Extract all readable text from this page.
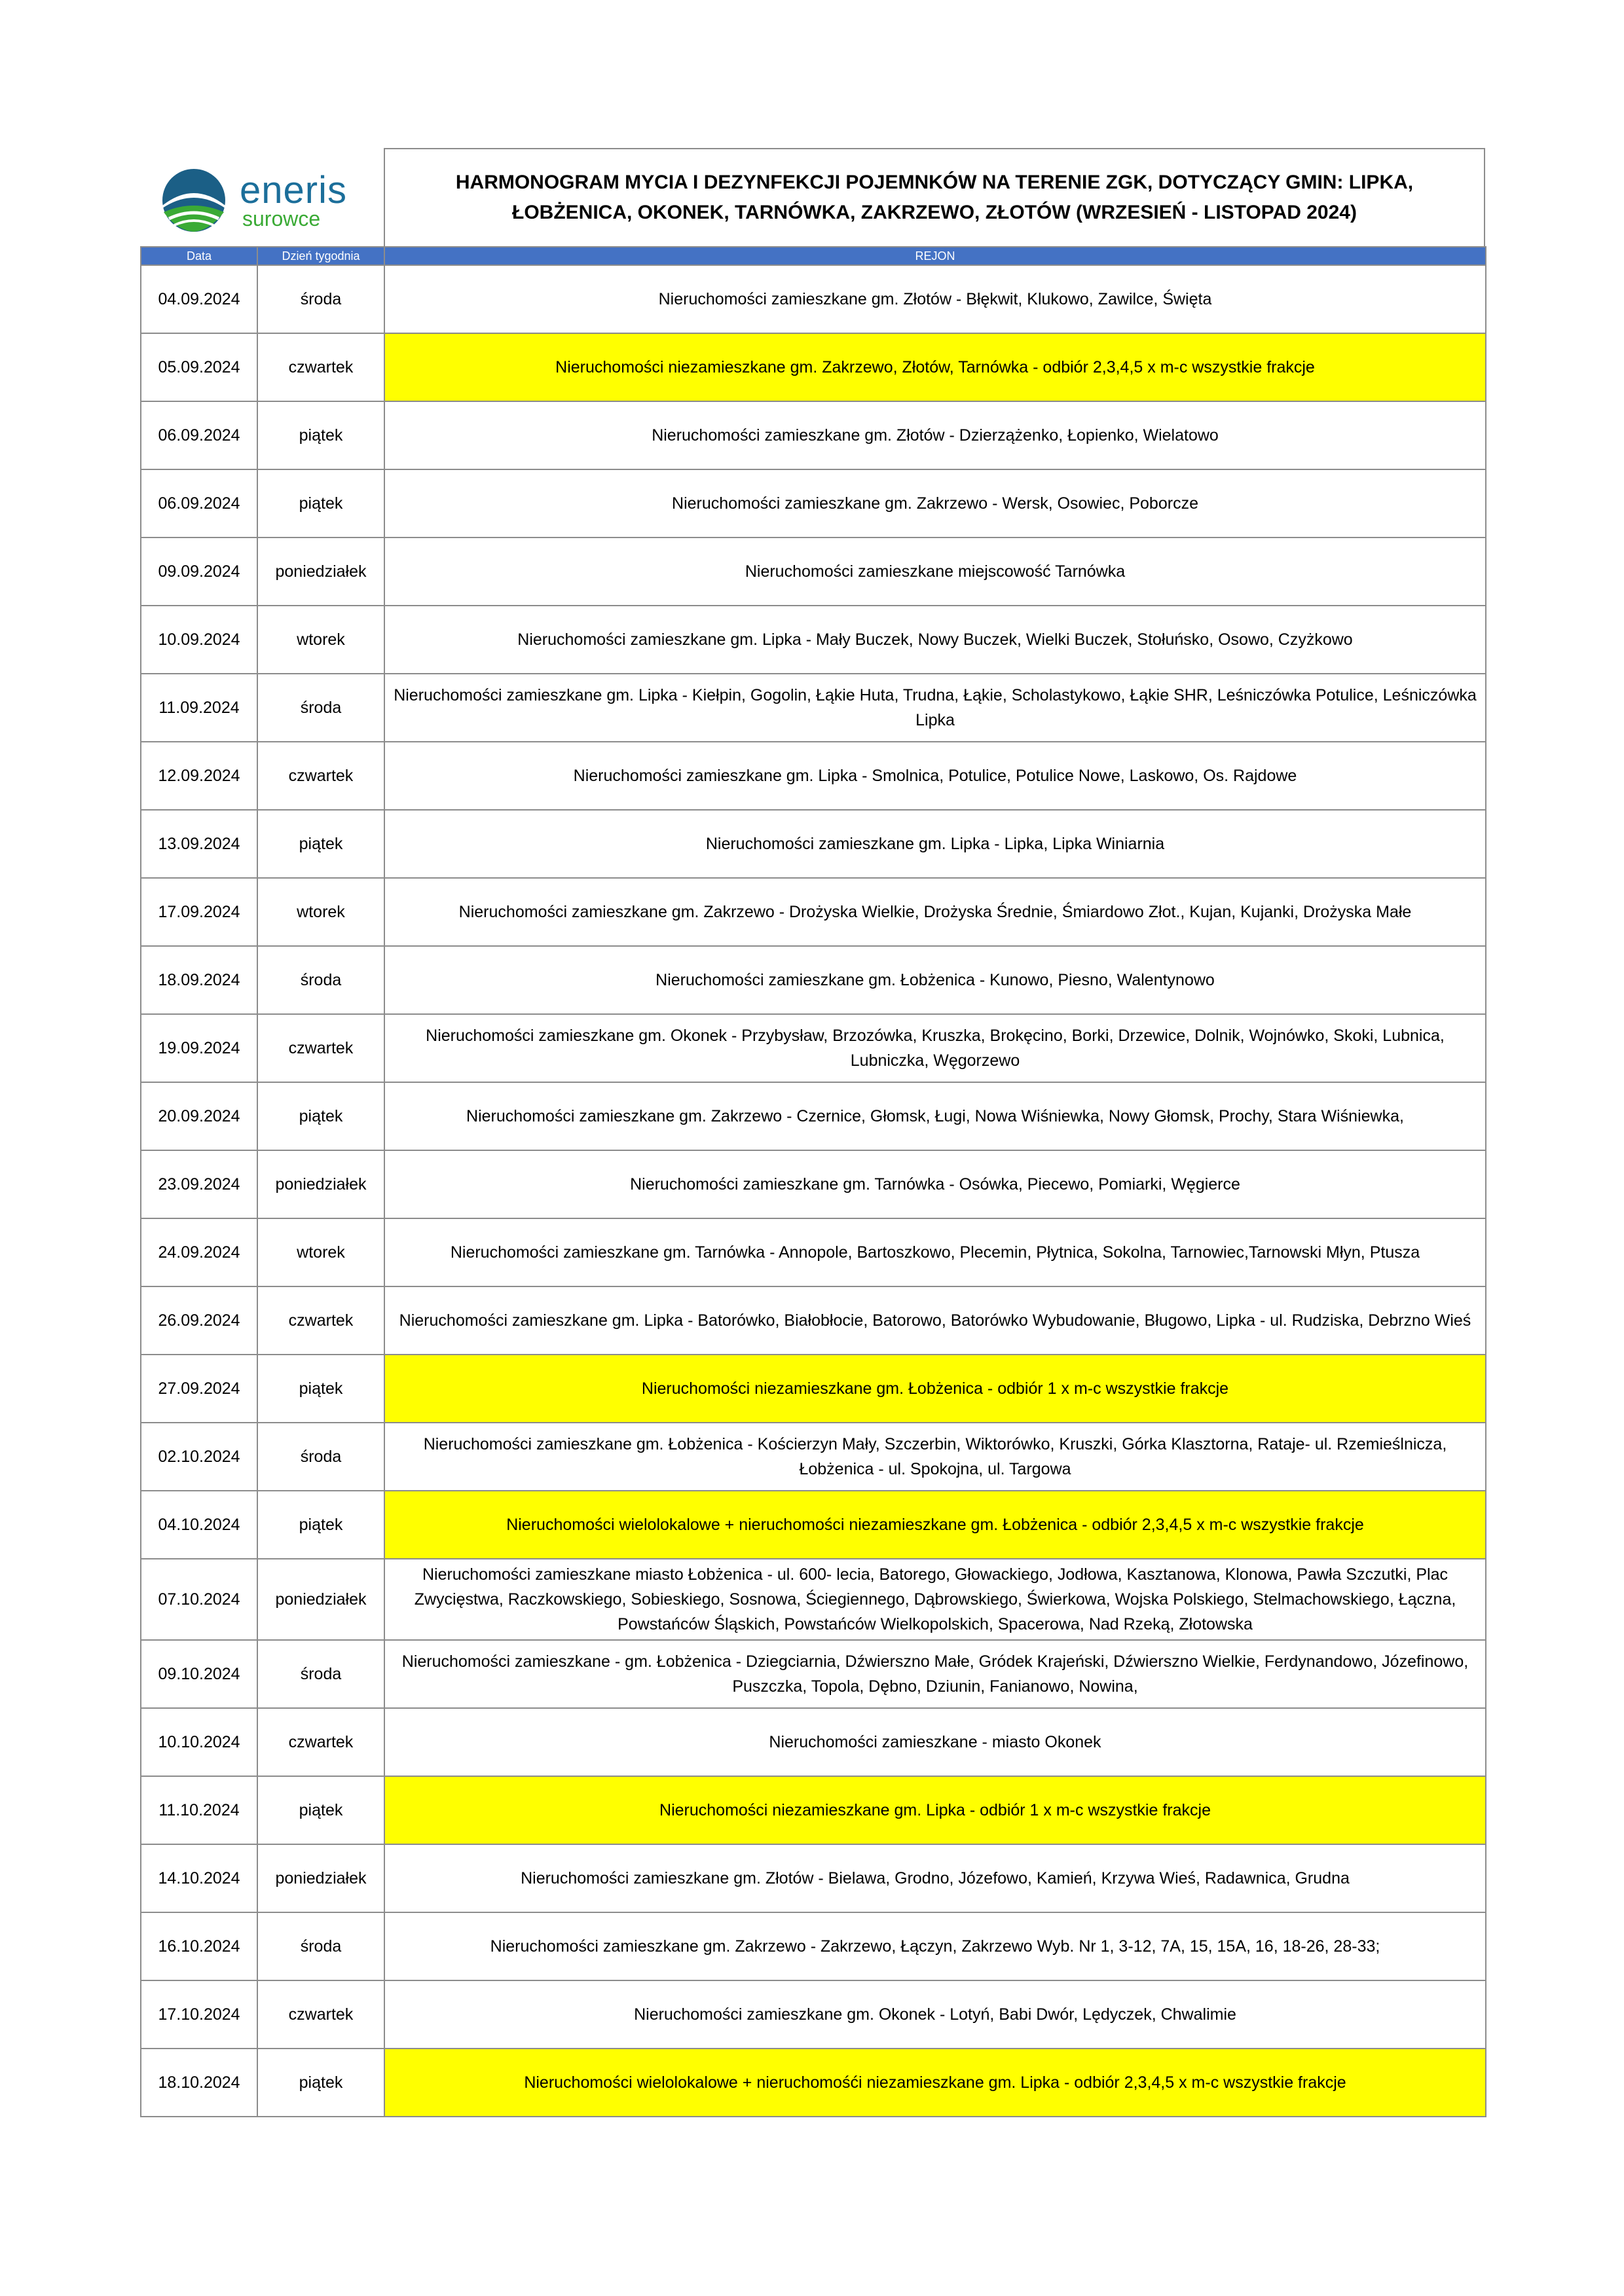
eneris
surowce
HARMONOGRAM MYCIA I DEZYNFEKCJI POJEMNKÓW NA TERENIE ZGK, DOTYCZĄCY GMIN: LIPKA,
ŁOBŻENICA, OKONEK, TARNÓWKA, ZAKRZEWO, ZŁOTÓW (WRZESIEŃ - LISTOPAD 2024)
Data	Dzień tygodnia	REJON
04.09.2024	środa	Nieruchomości zamieszkane gm. Złotów - Błękwit, Klukowo, Zawilce, Święta
05.09.2024	czwartek	Nieruchomości niezamieszkane gm. Zakrzewo, Złotów, Tarnówka - odbiór 2,3,4,5 x m-c wszystkie frakcje
06.09.2024	piątek	Nieruchomości zamieszkane gm. Złotów - Dzierzążenko, Łopienko, Wielatowo
06.09.2024	piątek	Nieruchomości zamieszkane gm. Zakrzewo - Wersk, Osowiec, Poborcze
09.09.2024	poniedziałek	Nieruchomości zamieszkane miejscowość Tarnówka
10.09.2024	wtorek	Nieruchomości zamieszkane gm. Lipka - Mały Buczek, Nowy Buczek, Wielki Buczek, Stołuńsko, Osowo, Czyżkowo
11.09.2024	środa	Nieruchomości zamieszkane gm. Lipka - Kiełpin, Gogolin, Łąkie Huta, Trudna, Łąkie, Scholastykowo, Łąkie SHR, Leśniczówka Potulice, Leśniczówka Lipka
12.09.2024	czwartek	Nieruchomości zamieszkane gm. Lipka - Smolnica, Potulice, Potulice Nowe, Laskowo, Os. Rajdowe
13.09.2024	piątek	Nieruchomości zamieszkane gm. Lipka - Lipka, Lipka Winiarnia
17.09.2024	wtorek	Nieruchomości zamieszkane gm. Zakrzewo - Drożyska Wielkie, Drożyska Średnie, Śmiardowo Złot., Kujan, Kujanki, Drożyska Małe
18.09.2024	środa	Nieruchomości zamieszkane gm. Łobżenica - Kunowo, Piesno, Walentynowo
19.09.2024	czwartek	Nieruchomości zamieszkane gm. Okonek - Przybysław, Brzozówka, Kruszka, Brokęcino, Borki, Drzewice, Dolnik, Wojnówko, Skoki, Lubnica, Lubniczka, Węgorzewo
20.09.2024	piątek	Nieruchomości zamieszkane gm. Zakrzewo - Czernice, Głomsk, Ługi, Nowa Wiśniewka, Nowy Głomsk, Prochy, Stara Wiśniewka,
23.09.2024	poniedziałek	Nieruchomości zamieszkane gm. Tarnówka - Osówka, Piecewo, Pomiarki, Węgierce
24.09.2024	wtorek	Nieruchomości zamieszkane gm. Tarnówka - Annopole, Bartoszkowo, Plecemin, Płytnica, Sokolna, Tarnowiec,Tarnowski Młyn, Ptusza
26.09.2024	czwartek	Nieruchomości zamieszkane gm. Lipka - Batorówko, Białobłocie, Batorowo, Batorówko Wybudowanie, Bługowo, Lipka - ul. Rudziska, Debrzno Wieś
27.09.2024	piątek	Nieruchomości niezamieszkane gm. Łobżenica - odbiór 1 x m-c wszystkie frakcje
02.10.2024	środa	Nieruchomości zamieszkane gm. Łobżenica - Kościerzyn Mały, Szczerbin, Wiktorówko, Kruszki, Górka Klasztorna, Rataje- ul. Rzemieślnicza, Łobżenica - ul. Spokojna, ul. Targowa
04.10.2024	piątek	Nieruchomości wielolokalowe + nieruchomości niezamieszkane gm. Łobżenica - odbiór 2,3,4,5 x m-c wszystkie frakcje
07.10.2024	poniedziałek	Nieruchomości zamieszkane miasto Łobżenica - ul. 600- lecia, Batorego, Głowackiego, Jodłowa, Kasztanowa, Klonowa, Pawła Szczutki, Plac Zwycięstwa, Raczkowskiego, Sobieskiego, Sosnowa, Ściegiennego, Dąbrowskiego, Świerkowa, Wojska Polskiego, Stelmachowskiego, Łączna, Powstańców Śląskich, Powstańców Wielkopolskich, Spacerowa, Nad Rzeką, Złotowska
09.10.2024	środa	Nieruchomości zamieszkane - gm. Łobżenica - Dziegciarnia, Dźwierszno Małe, Gródek Krajeński, Dźwierszno Wielkie, Ferdynandowo, Józefinowo, Puszczka, Topola, Dębno, Dziunin, Fanianowo, Nowina,
10.10.2024	czwartek	Nieruchomości zamieszkane - miasto Okonek
11.10.2024	piątek	Nieruchomości niezamieszkane gm. Lipka - odbiór 1 x m-c wszystkie frakcje
14.10.2024	poniedziałek	Nieruchomości zamieszkane gm. Złotów - Bielawa, Grodno, Józefowo, Kamień, Krzywa Wieś, Radawnica, Grudna
16.10.2024	środa	Nieruchomości zamieszkane gm. Zakrzewo - Zakrzewo, Łączyn, Zakrzewo Wyb. Nr 1, 3-12, 7A, 15, 15A, 16, 18-26, 28-33;
17.10.2024	czwartek	Nieruchomości zamieszkane gm. Okonek - Lotyń, Babi Dwór, Lędyczek, Chwalimie
18.10.2024	piątek	Nieruchomości wielolokalowe + nieruchomośći niezamieszkane gm. Lipka - odbiór 2,3,4,5 x m-c wszystkie frakcje
